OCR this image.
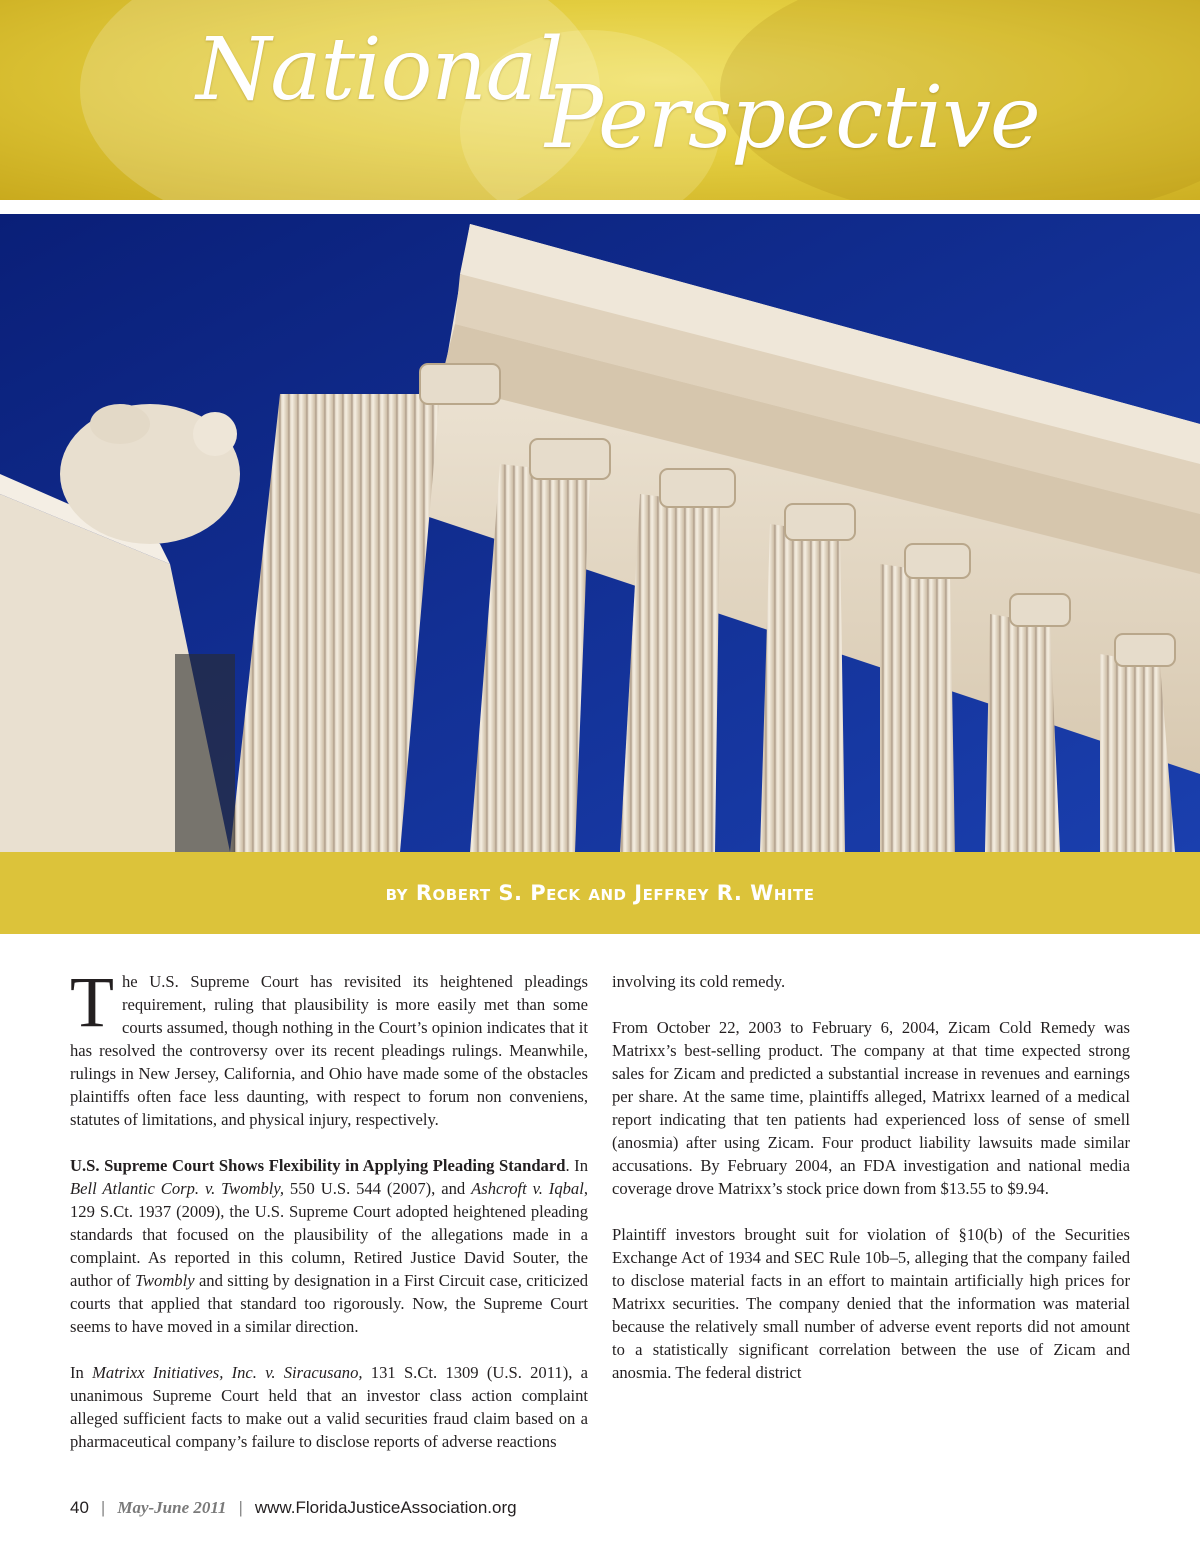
National
Perspective
by Robert S. Peck and Jeffrey R. White

The U.S. Supreme Court has revisited its heightened pleadings requirement, ruling that plausibility is more easily met than some courts assumed, though nothing in the Court’s opinion indicates that it has resolved the controversy over its recent pleadings rulings. Meanwhile, rulings in New Jersey, California, and Ohio have made some of the obstacles plaintiffs often face less daunting, with respect to forum non conveniens, statutes of limitations, and physical injury, respectively.

U.S. Supreme Court Shows Flexibility in Applying Pleading Standard. In Bell Atlantic Corp. v. Twombly, 550 U.S. 544 (2007), and Ashcroft v. Iqbal, 129 S.Ct. 1937 (2009), the U.S. Supreme Court adopted heightened pleading standards that focused on the plausibility of the allegations made in a complaint. As reported in this column, Retired Justice David Souter, the author of Twombly and sitting by designation in a First Circuit case, criticized courts that applied that standard too rigorously. Now, the Supreme Court seems to have moved in a similar direction.

In Matrixx Initiatives, Inc. v. Siracusano, 131 S.Ct. 1309 (U.S. 2011), a unanimous Supreme Court held that an investor class action complaint alleged sufficient facts to make out a valid securities fraud claim based on a pharmaceutical company’s failure to disclose reports of adverse reactions

involving its cold remedy.

From October 22, 2003 to February 6, 2004, Zicam Cold Remedy was Matrixx’s best-selling product. The company at that time expected strong sales for Zicam and predicted a substantial increase in revenues and earnings per share. At the same time, plaintiffs alleged, Matrixx learned of a medical report indicating that ten patients had experienced loss of sense of smell (anosmia) after using Zicam. Four product liability lawsuits made similar accusations. By February 2004, an FDA investigation and national media coverage drove Matrixx’s stock price down from $13.55 to $9.94.

Plaintiff investors brought suit for violation of §10(b) of the Securities Exchange Act of 1934 and SEC Rule 10b–5, alleging that the company failed to disclose material facts in an effort to maintain artificially high prices for Matrixx securities. The company denied that the information was material because the relatively small number of adverse event reports did not amount to a statistically significant correlation between the use of Zicam and anosmia. The federal district

40 | May-June 2011 | www.FloridaJusticeAssociation.org
